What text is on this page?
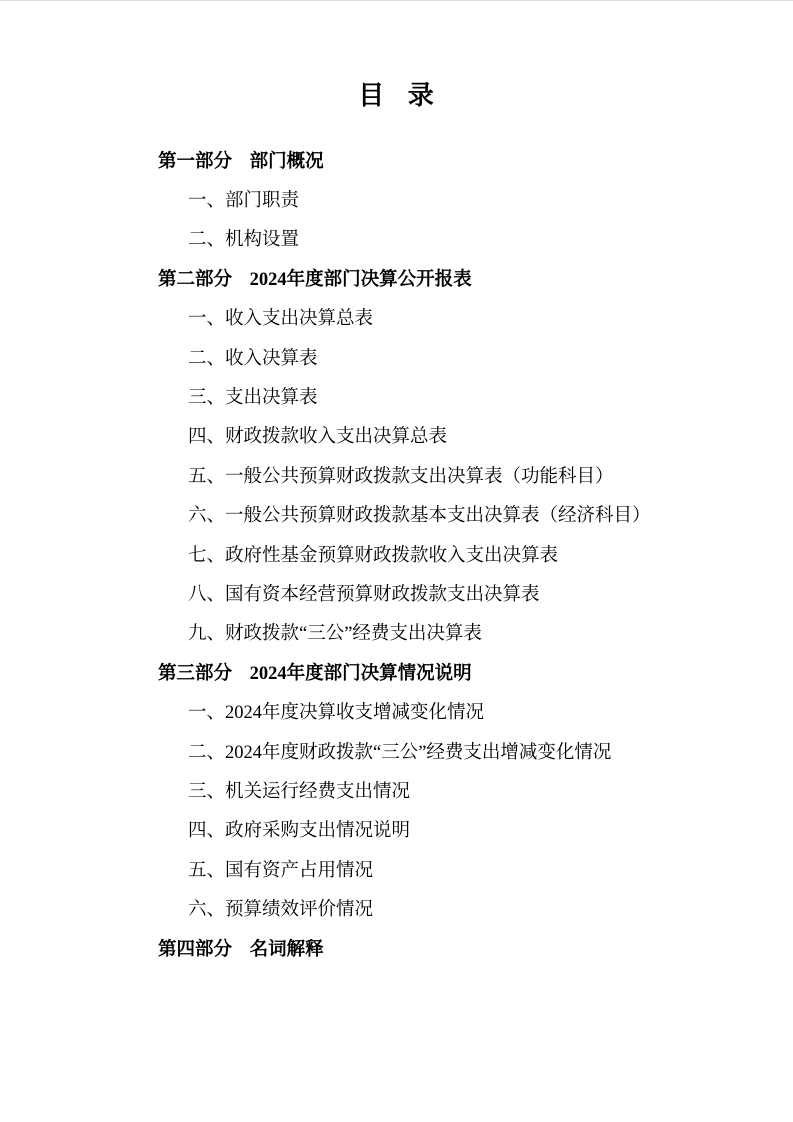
目 录
第一部分 部门概况
一、部门职责
二、机构设置
第二部分 2024年度部门决算公开报表
一、收入支出决算总表
二、收入决算表
三、支出决算表
四、财政拨款收入支出决算总表
五、一般公共预算财政拨款支出决算表（功能科目）
六、一般公共预算财政拨款基本支出决算表（经济科目）
七、政府性基金预算财政拨款收入支出决算表
八、国有资本经营预算财政拨款支出决算表
九、财政拨款“三公”经费支出决算表
第三部分 2024年度部门决算情况说明
一、2024年度决算收支增减变化情况
二、2024年度财政拨款“三公”经费支出增减变化情况
三、机关运行经费支出情况
四、政府采购支出情况说明
五、国有资产占用情况
六、预算绩效评价情况
第四部分 名词解释
